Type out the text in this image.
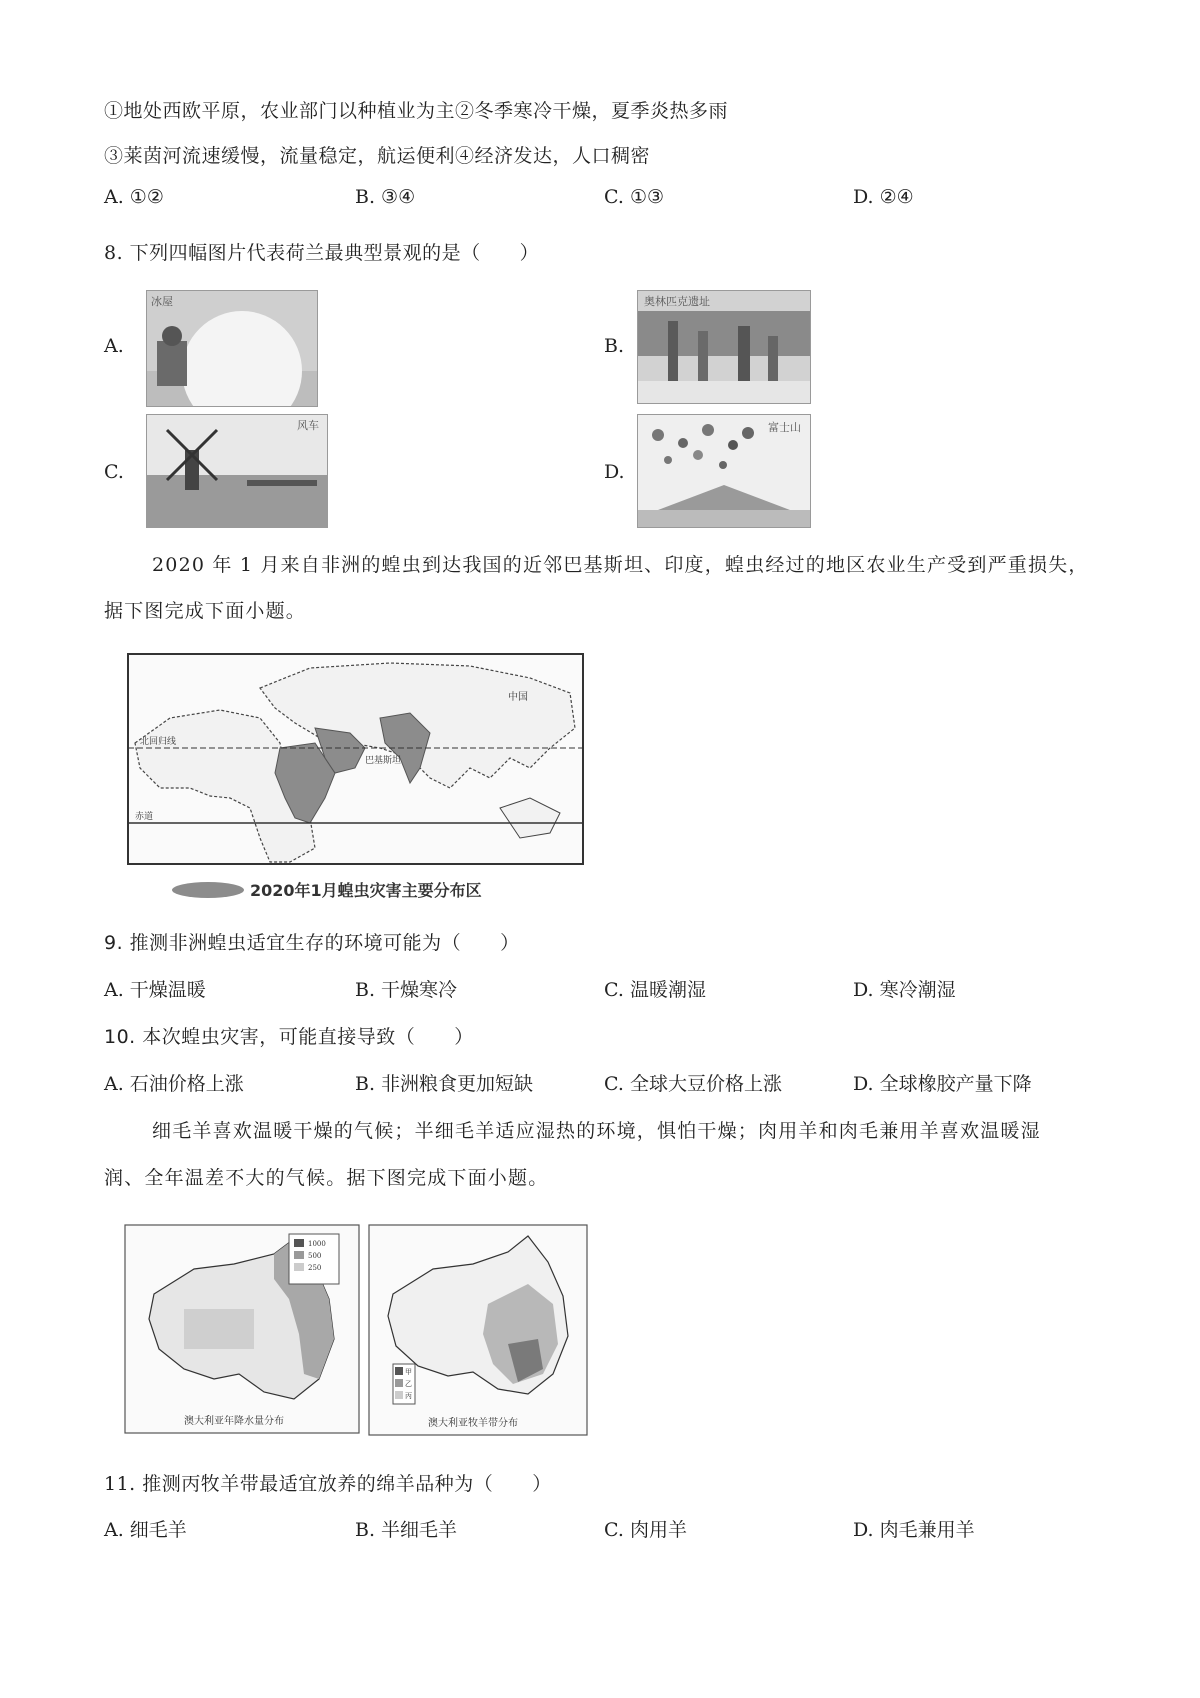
①地处西欧平原，农业部门以种植业为主②冬季寒冷干燥，夏季炎热多雨
③莱茵河流速缓慢，流量稳定，航运便利④经济发达，人口稠密
A. ①②	B. ③④	C. ①③	D. ②④
8. 下列四幅图片代表荷兰最典型景观的是（　　）
A.
冰屋
B.
奥林匹克遗址
C.
风车
D.
富士山
2020 年 1 月来自非洲的蝗虫到达我国的近邻巴基斯坦、印度，蝗虫经过的地区农业生产受到严重损失，
据下图完成下面小题。
2020年1月蝗虫灾害主要分布区
中国
北回归线
赤道
巴基斯坦
9. 推测非洲蝗虫适宜生存的环境可能为（　　）
A. 干燥温暖	B. 干燥寒冷	C. 温暖潮湿	D. 寒冷潮湿
10. 本次蝗虫灾害，可能直接导致（　　）
A. 石油价格上涨	B. 非洲粮食更加短缺	C. 全球大豆价格上涨	D. 全球橡胶产量下降
细毛羊喜欢温暖干燥的气候；半细毛羊适应湿热的环境，惧怕干燥；肉用羊和肉毛兼用羊喜欢温暖湿
润、全年温差不大的气候。据下图完成下面小题。
1000
500
250
澳大利亚年降水量分布
甲
乙
丙
澳大利亚牧羊带分布
11. 推测丙牧羊带最适宜放养的绵羊品种为（　　）
A. 细毛羊	B. 半细毛羊	C. 肉用羊	D. 肉毛兼用羊
